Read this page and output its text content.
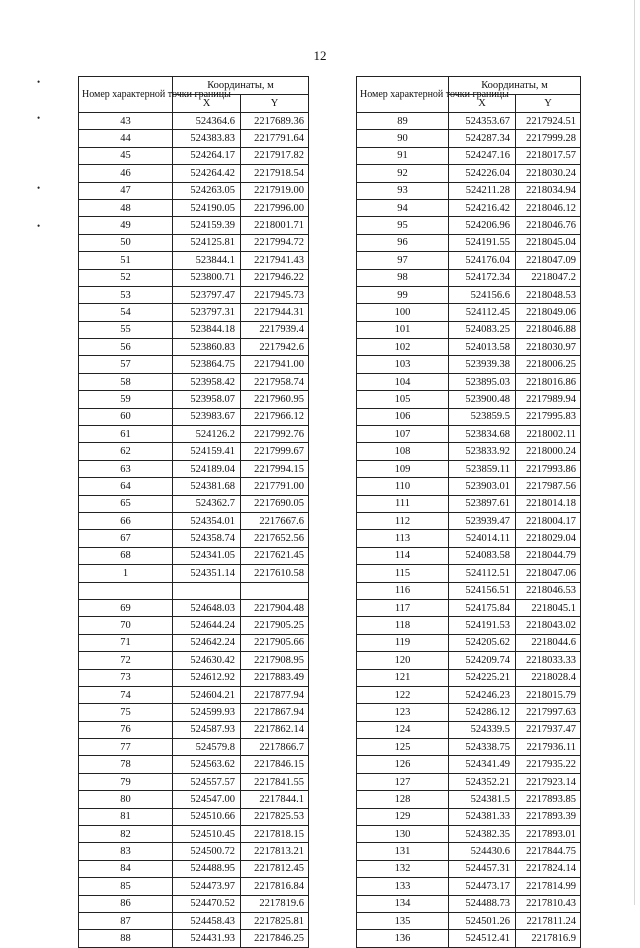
12
•
•
•
•
Номер характерной точки границы	Координаты, м	
	X	Y
43	524364.6	2217689.36
44	524383.83	2217791.64
45	524264.17	2217917.82
46	524264.42	2217918.54
47	524263.05	2217919.00
48	524190.05	2217996.00
49	524159.39	2218001.71
50	524125.81	2217994.72
51	523844.1	2217941.43
52	523800.71	2217946.22
53	523797.47	2217945.73
54	523797.31	2217944.31
55	523844.18	2217939.4
56	523860.83	2217942.6
57	523864.75	2217941.00
58	523958.42	2217958.74
59	523958.07	2217960.95
60	523983.67	2217966.12
61	524126.2	2217992.76
62	524159.41	2217999.67
63	524189.04	2217994.15
64	524381.68	2217791.00
65	524362.7	2217690.05
66	524354.01	2217667.6
67	524358.74	2217652.56
68	524341.05	2217621.45
1	524351.14	2217610.58

69	524648.03	2217904.48
70	524644.24	2217905.25
71	524642.24	2217905.66
72	524630.42	2217908.95
73	524612.92	2217883.49
74	524604.21	2217877.94
75	524599.93	2217867.94
76	524587.93	2217862.14
77	524579.8	2217866.7
78	524563.62	2217846.15
79	524557.57	2217841.55
80	524547.00	2217844.1
81	524510.66	2217825.53
82	524510.45	2217818.15
83	524500.72	2217813.21
84	524488.95	2217812.45
85	524473.97	2217816.84
86	524470.52	2217819.6
87	524458.43	2217825.81
88	524431.93	2217846.25
Номер характерной точки границы	Координаты, м	
	X	Y
89	524353.67	2217924.51
90	524287.34	2217999.28
91	524247.16	2218017.57
92	524226.04	2218030.24
93	524211.28	2218034.94
94	524216.42	2218046.12
95	524206.96	2218046.76
96	524191.55	2218045.04
97	524176.04	2218047.09
98	524172.34	2218047.2
99	524156.6	2218048.53
100	524112.45	2218049.06
101	524083.25	2218046.88
102	524013.58	2218030.97
103	523939.38	2218006.25
104	523895.03	2218016.86
105	523900.48	2217989.94
106	523859.5	2217995.83
107	523834.68	2218002.11
108	523833.92	2218000.24
109	523859.11	2217993.86
110	523903.01	2217987.56
111	523897.61	2218014.18
112	523939.47	2218004.17
113	524014.11	2218029.04
114	524083.58	2218044.79
115	524112.51	2218047.06
116	524156.51	2218046.53
117	524175.84	2218045.1
118	524191.53	2218043.02
119	524205.62	2218044.6
120	524209.74	2218033.33
121	524225.21	2218028.4
122	524246.23	2218015.79
123	524286.12	2217997.63
124	524339.5	2217937.47
125	524338.75	2217936.11
126	524341.49	2217935.22
127	524352.21	2217923.14
128	524381.5	2217893.85
129	524381.33	2217893.39
130	524382.35	2217893.01
131	524430.6	2217844.75
132	524457.31	2217824.14
133	524473.17	2217814.99
134	524488.73	2217810.43
135	524501.26	2217811.24
136	524512.41	2217816.9
